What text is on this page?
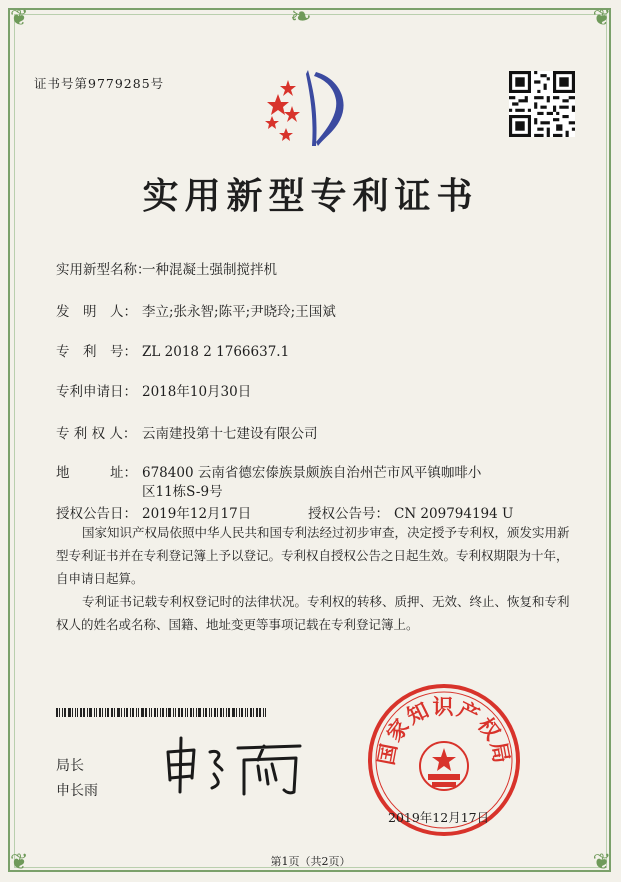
❦	❦
❦	❦
❧
证书号第9779285号
实用新型专利证书
实用新型名称：一种混凝土强制搅拌机
发　明　人： 李立;张永智;陈平;尹晓玲;王国斌
专　利　号： ZL 2018 2 1766637.1
专利申请日： 2018年10月30日
专 利 权 人： 云南建投第十七建设有限公司
地　　　址： 678400 云南省德宏傣族景颇族自治州芒市风平镇咖啡小
区11栋S-9号
授权公告日： 2019年12月17日	授权公告号： CN 209794194 U
国家知识产权局依照中华人民共和国专利法经过初步审查，决定授予专利权，颁发实用新型专利证书并在专利登记簿上予以登记。专利权自授权公告之日起生效。专利权期限为十年，自申请日起算。
专利证书记载专利权登记时的法律状况。专利权的转移、质押、无效、终止、恢复和专利权人的姓名或名称、国籍、地址变更等事项记载在专利登记簿上。
局长
申长雨
国家知识产权局
2019年12月17日
第1页（共2页）
